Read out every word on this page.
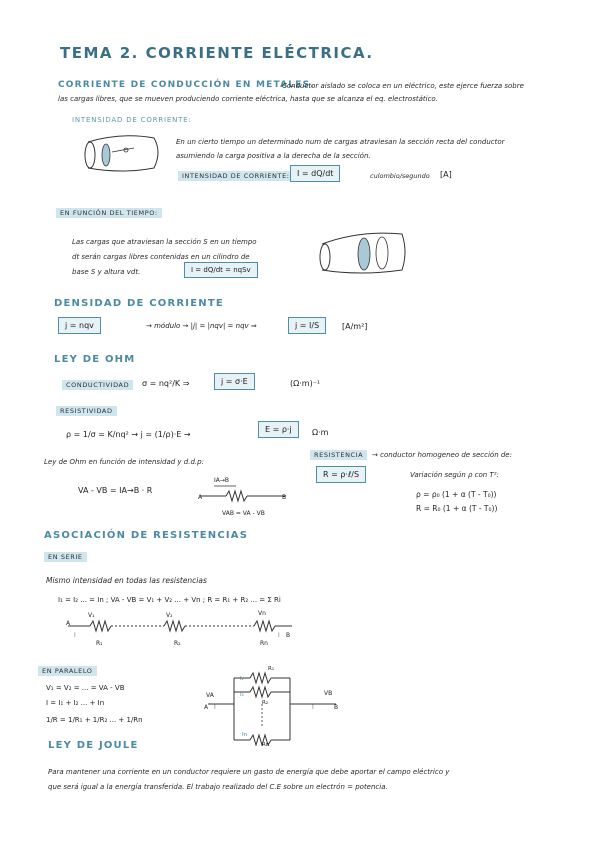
TEMA 2. CORRIENTE ELÉCTRICA.
CORRIENTE DE CONDUCCIÓN EN METALES.
Conductor aislado se coloca en un eléctrico, este ejerce fuerza sobre
las cargas libres, que se mueven produciendo corriente eléctrica, hasta que se alcanza el eq. electrostático.
INTENSIDAD DE CORRIENTE:
En un cierto tiempo un determinado num de cargas atraviesan la sección recta del conductor
asumiendo la carga positiva a la derecha de la sección.
INTENSIDAD DE CORRIENTE: I = dQ/dt	culombio/segundo [A]
EN FUNCIÓN DEL TIEMPO:
Las cargas que atraviesan la sección S en un tiempo
dt serán cargas libres contenidas en un cilindro de
base S y altura vdt.	I = dQ/dt = nqSv
DENSIDAD DE CORRIENTE
j = nqv	→ módulo → |j| = |nqv| = nqv ⇒	j = I/S	[A/m²]
LEY DE OHM
CONDUCTIVIDAD	σ = nq²/K ⇒	j = σ·E	(Ω·m)⁻¹
RESISTIVIDAD
ρ = 1/σ = K/nq² → j = (1/ρ)·E →
E = ρ·j	Ω·m
Ley de Ohm en función de intensidad y d.d.p:
VA - VB = IA→B · R
IA→B
A	B
VAB = VA - VB
RESISTENCIA	→ conductor homogeneo de sección de:
R = ρ·ℓ/S	Variación según ρ con T²:
ρ = ρ₀ (1 + α (T - T₀))
R = R₀ (1 + α (T - T₀))
ASOCIACIÓN DE RESISTENCIAS
EN SERIE
Mismo intensidad en todas las resistencias
I₁ = I₂ ... = In ; VA - VB = V₁ + V₂ ... + Vn ; R = R₁ + R₂ ... = Σ Ri
V₁	V₂	Vn
R₁	R₂	Rn
A
B
I	I
EN PARALELO
V₁ = V₂ = ... = VA - VB
I = I₁ + I₂ ... + In
1/R = 1/R₁ + 1/R₂ ... + 1/Rn
VA	VB
A	B
I	I
I₁
R₁
R₂
I₂
Rn
In
LEY DE JOULE
Para mantener una corriente en un conductor requiere un gasto de energía que debe aportar el campo eléctrico y
que será igual a la energía transferida. El trabajo realizado del C.E sobre un electrón = potencia.
